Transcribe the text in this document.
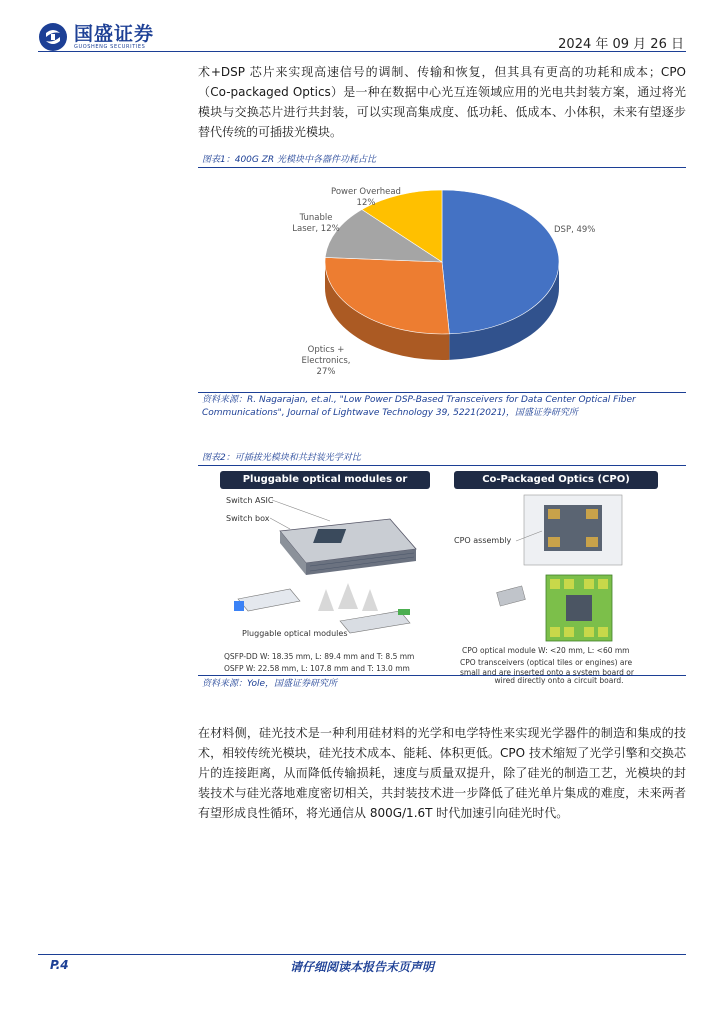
国盛证券
GUOSHENG SECURITIES	2024 年 09 月 26 日

术+DSP 芯片来实现高速信号的调制、传输和恢复，但其具有更高的功耗和成本；CPO（Co-packaged Optics）是一种在数据中心光互连领域应用的光电共封装方案，通过将光模块与交换芯片进行共封装，可以实现高集成度、低功耗、低成本、小体积，未来有望逐步替代传统的可插拔光模块。

图表1：400G ZR 光模块中各器件功耗占比
DSP, 49%
Optics + Electronics, 27%
Tunable Laser, 12%
Power Overhead 12%
资料来源：R. Nagarajan, et.al., "Low Power DSP-Based Transceivers for Data Center Optical Fiber Communications", Journal of Lightwave Technology 39, 5221(2021)，国盛证券研究所
图表2：可插拔光模块和共封装光学对比
Pluggable optical modules or Pluggables
Switch ASIC
Switch box
Pluggable optical modules
QSFP-DD W: 18.35 mm, L: 89.4 mm and T: 8.5 mm
OSFP W: 22.58 mm, L: 107.8 mm and T: 13.0 mm
Co-Packaged Optics (CPO)
CPO assembly
CPO optical module W: <20 mm, L: <60 mm
CPO transceivers (optical tiles or engines) are
small and are inserted onto a system board or
wired directly onto a circuit board.
资料来源：Yole，国盛证券研究所

在材料侧，硅光技术是一种利用硅材料的光学和电学特性来实现光学器件的制造和集成的技术，相较传统光模块，硅光技术成本、能耗、体积更低。CPO 技术缩短了光学引擎和交换芯片的连接距离，从而降低传输损耗，速度与质量双提升，除了硅光的制造工艺，光模块的封装技术与硅光落地难度密切相关，共封装技术进一步降低了硅光单片集成的难度，未来两者有望形成良性循环，将光通信从 800G/1.6T 时代加速引向硅光时代。

P.4	请仔细阅读本报告末页声明
